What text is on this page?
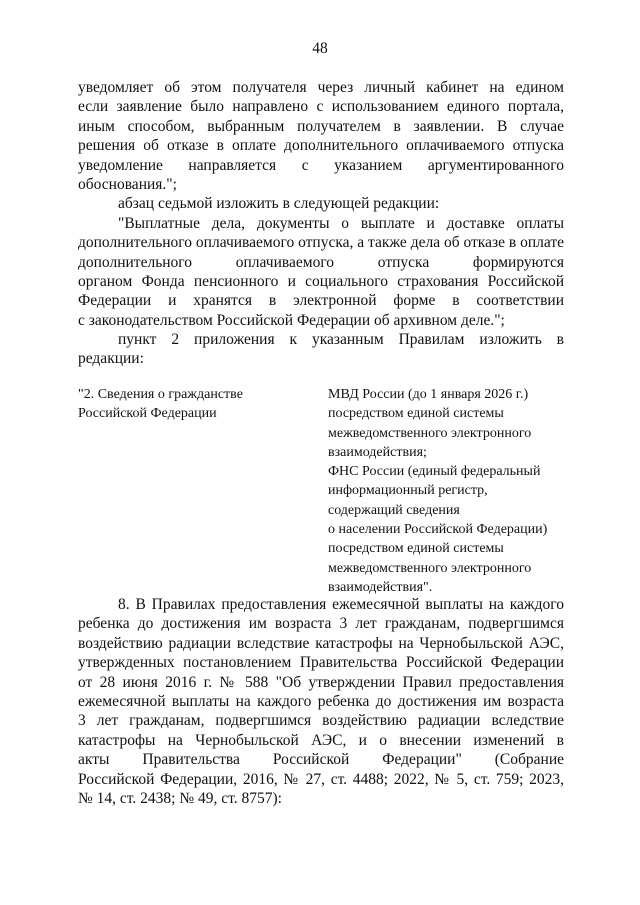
48
уведомляет об этом получателя через личный кабинет на едином
если заявление было направлено с использованием единого портала,
иным способом, выбранным получателем в заявлении. В случае
решения об отказе в оплате дополнительного оплачиваемого отпуска
уведомление направляется с указанием аргументированного
обоснования.";
абзац седьмой изложить в следующей редакции:
"Выплатные дела, документы о выплате и доставке оплаты
дополнительного оплачиваемого отпуска, а также дела об отказе в оплате
дополнительного оплачиваемого отпуска формируются
органом Фонда пенсионного и социального страхования Российской
Федерации и хранятся в электронной форме в соответствии
с законодательством Российской Федерации об архивном деле.";
пункт 2 приложения к указанным Правилам изложить в
редакции:
"2. Сведения о гражданстве
Российской Федерации
МВД России (до 1 января 2026 г.)
посредством единой системы
межведомственного электронного
взаимодействия;
ФНС России (единый федеральный
информационный регистр,
содержащий сведения
о населении Российской Федерации)
посредством единой системы
межведомственного электронного
взаимодействия".
8. В Правилах предоставления ежемесячной выплаты на каждого
ребенка до достижения им возраста 3 лет гражданам, подвергшимся
воздействию радиации вследствие катастрофы на Чернобыльской АЭС,
утвержденных постановлением Правительства Российской Федерации
от 28 июня 2016 г. № 588 "Об утверждении Правил предоставления
ежемесячной выплаты на каждого ребенка до достижения им возраста
3 лет гражданам, подвергшимся воздействию радиации вследствие
катастрофы на Чернобыльской АЭС, и о внесении изменений в
акты Правительства Российской Федерации" (Собрание
Российской Федерации, 2016, № 27, ст. 4488; 2022, № 5, ст. 759; 2023,
№ 14, ст. 2438; № 49, ст. 8757):
